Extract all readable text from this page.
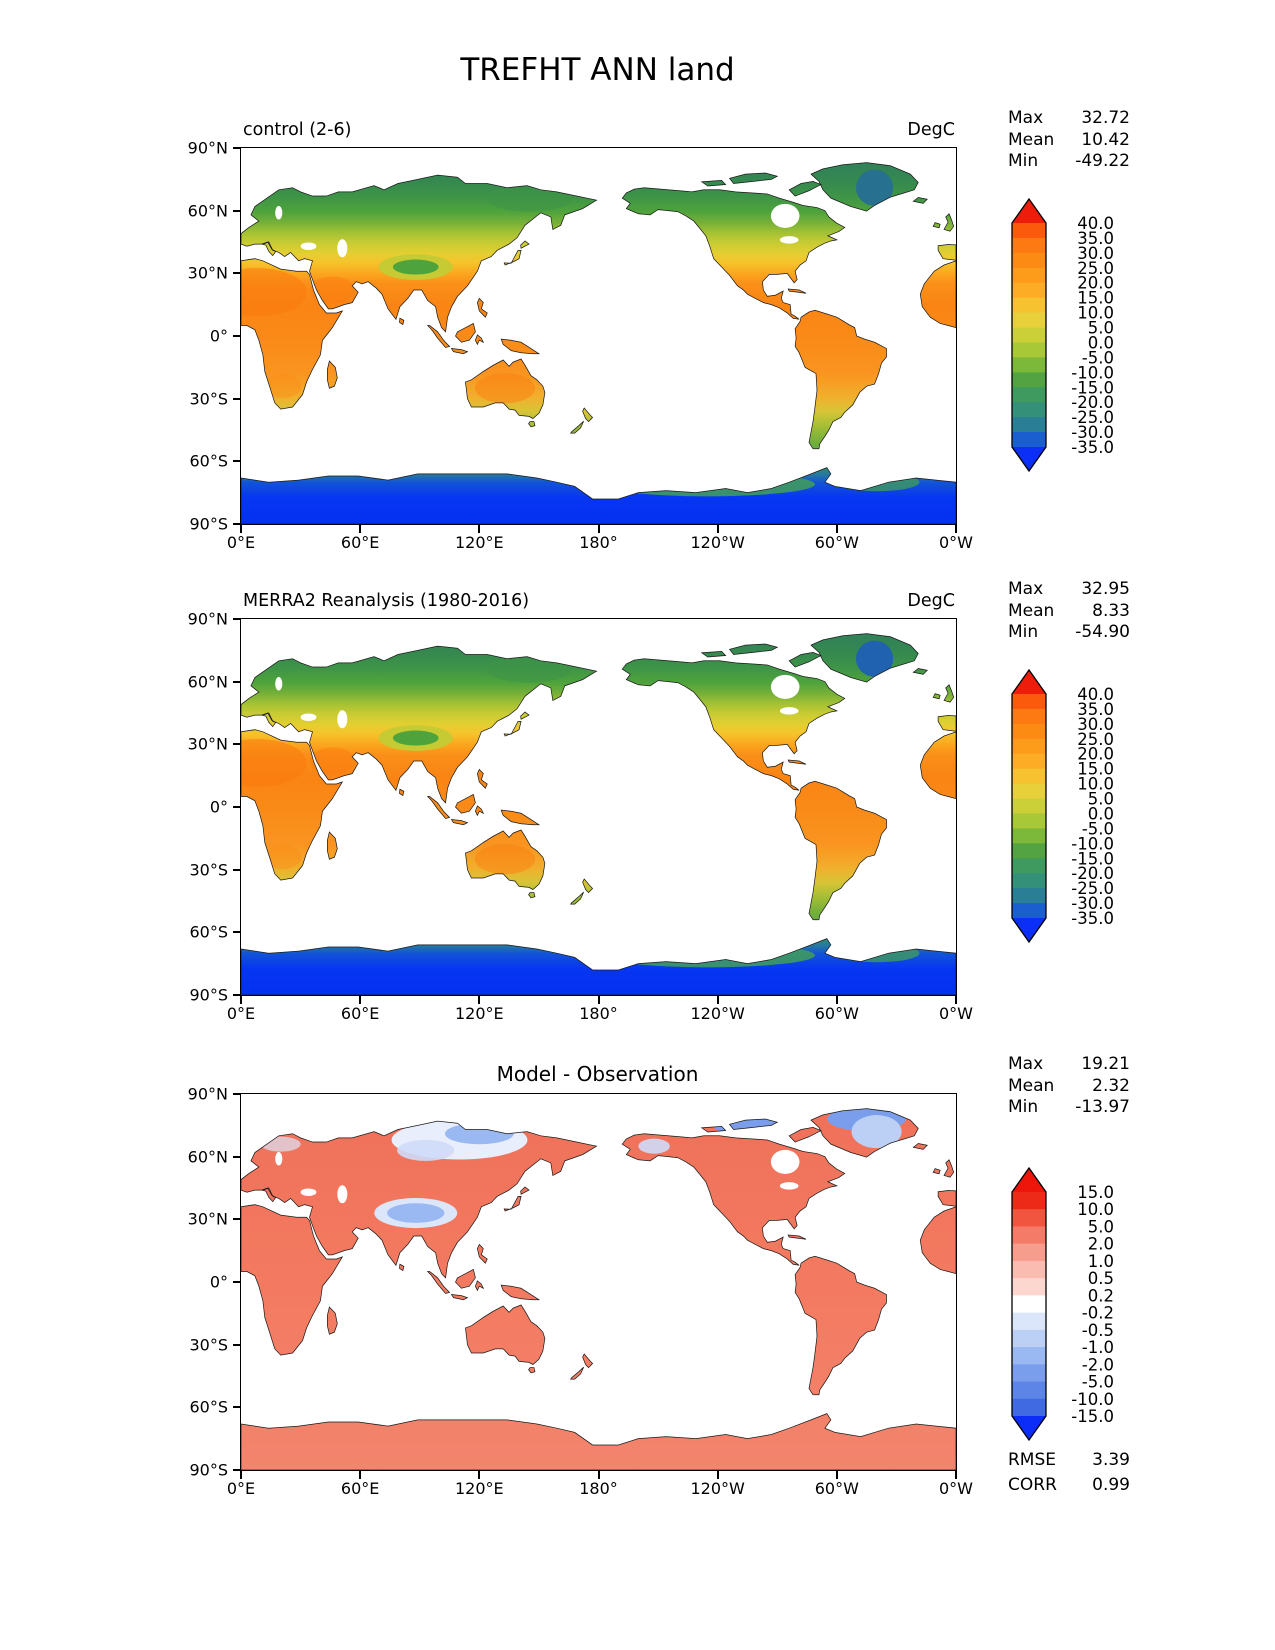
TREFHT ANN land
control (2-6)	DegC
Max 32.72
Mean 10.42
Min -49.22
90°N
60°N
30°N
0°
30°S
60°S
90°S
0°E	60°E	120°E	180°	120°W	60°W	0°W
40.0
35.0
30.0
25.0
20.0
15.0
10.0
5.0
0.0
-5.0
-10.0
-15.0
-20.0
-25.0
-30.0
-35.0
MERRA2 Reanalysis (1980-2016)	DegC
Max 32.95
Mean 8.33
Min -54.90
90°N
60°N
30°N
0°
30°S
60°S
90°S
0°E	60°E	120°E	180°	120°W	60°W	0°W
40.0
35.0
30.0
25.0
20.0
15.0
10.0
5.0
0.0
-5.0
-10.0
-15.0
-20.0
-25.0
-30.0
-35.0
Model - Observation	Max 19.21
Mean 2.32
Min -13.97
90°N
60°N
30°N
0°
30°S
60°S
90°S
0°E	60°E	120°E	180°	120°W	60°W	0°W
15.0
10.0
5.0
2.0
1.0
0.5
0.2
-0.2
-0.5
-1.0
-2.0
-5.0
-10.0
-15.0
RMSE 3.39
CORR 0.99
